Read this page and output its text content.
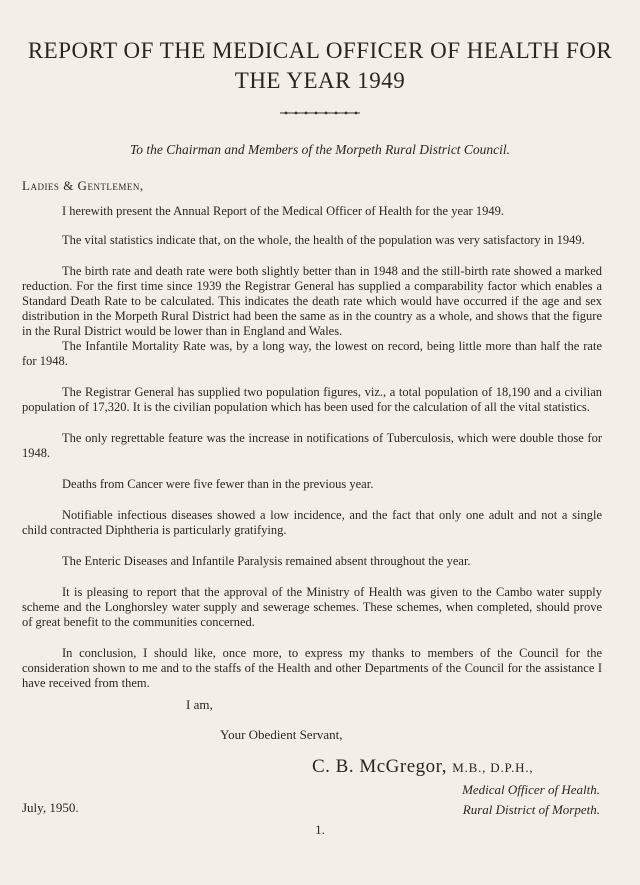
REPORT OF THE MEDICAL OFFICER OF HEALTH FOR
THE YEAR 1949
To the Chairman and Members of the Morpeth Rural District Council.
Ladies & Gentlemen,

I herewith present the Annual Report of the Medical Officer of Health for the year 1949.

The vital statistics indicate that, on the whole, the health of the population was very satisfactory in 1949.

The birth rate and death rate were both slightly better than in 1948 and the still-birth rate showed a marked reduction. For the first time since 1939 the Registrar General has supplied a comparability factor which enables a Standard Death Rate to be calculated. This indicates the death rate which would have occurred if the age and sex distribution in the Morpeth Rural District had been the same as in the country as a whole, and shows that the figure in the Rural District would be lower than in England and Wales.

The Infantile Mortality Rate was, by a long way, the lowest on record, being little more than half the rate for 1948.

The Registrar General has supplied two population figures, viz., a total population of 18,190 and a civilian population of 17,320. It is the civilian population which has been used for the calculation of all the vital statistics.

The only regrettable feature was the increase in notifications of Tuberculosis, which were double those for 1948.

Deaths from Cancer were five fewer than in the previous year.

Notifiable infectious diseases showed a low incidence, and the fact that only one adult and not a single child contracted Diphtheria is particularly gratifying.

The Enteric Diseases and Infantile Paralysis remained absent throughout the year.

It is pleasing to report that the approval of the Ministry of Health was given to the Cambo water supply scheme and the Longhorsley water supply and sewerage schemes. These schemes, when completed, should prove of great benefit to the communities concerned.

In conclusion, I should like, once more, to express my thanks to members of the Council for the consideration shown to me and to the staffs of the Health and other Departments of the Council for the assistance I have received from them.

I am,
Your Obedient Servant,
C. B. McGregor, M.B., D.P.H.,
Medical Officer of Health.
Rural District of Morpeth.
July, 1950.
1.
